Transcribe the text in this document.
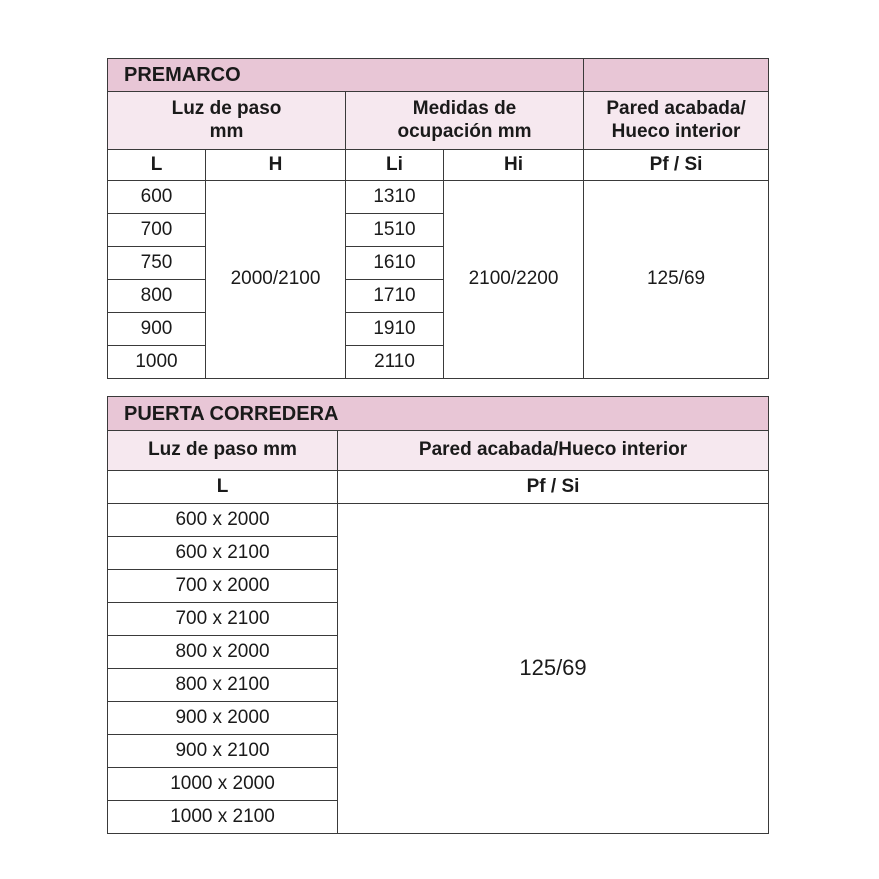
PREMARCO				
Luz de paso mm		Medidas de ocupación mm		Pared acabada/ Hueco interior
L	H	Li	Hi	Pf / Si
600	2000/2100	1310	2100/2200	125/69
700		1510		
750		1610		
800		1710		
900		1910		
1000		2110		
PUERTA CORREDERA	
Luz de paso mm	Pared acabada/Hueco interior
L	Pf / Si
600 x 2000	125/69
600 x 2100	
700 x 2000	
700 x 2100	
800 x 2000	
800 x 2100	
900 x 2000	
900 x 2100	
1000 x 2000	
1000 x 2100	
